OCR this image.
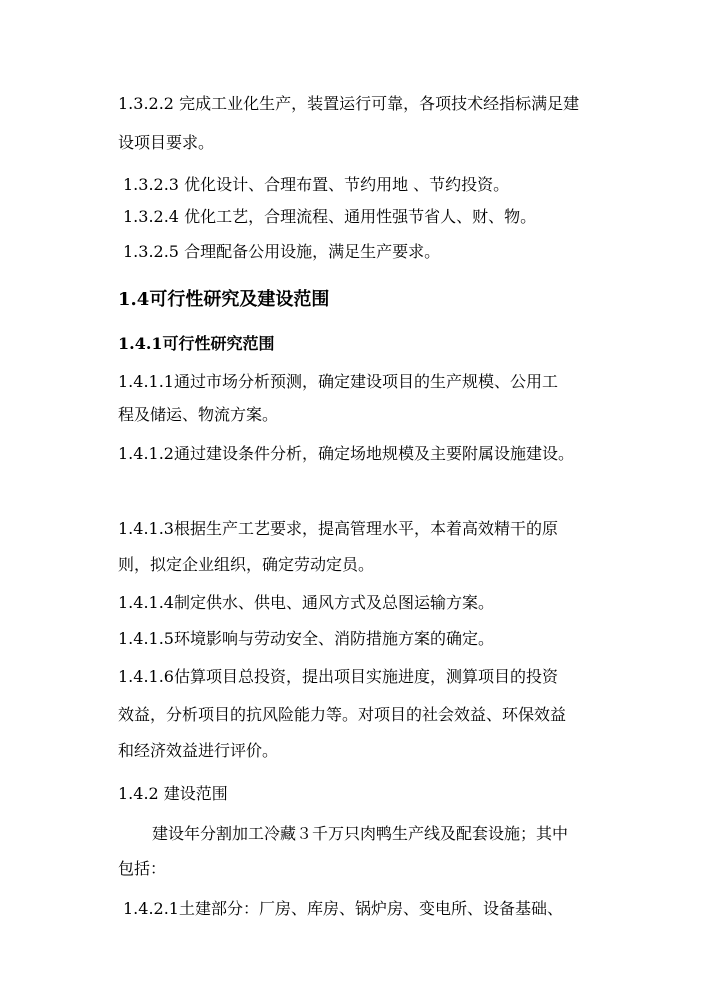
1.3.2.2 完成工业化生产，装置运行可靠，各项技术经指标满足建
设项目要求。
1.3.2.3 优化设计、合理布置、节约用地 、节约投资。
1.3.2.4 优化工艺，合理流程、通用性强节省人、财、物。
1.3.2.5 合理配备公用设施，满足生产要求。
1.4可行性研究及建设范围
1.4.1可行性研究范围
1.4.1.1通过市场分析预测，确定建设项目的生产规模、公用工
程及储运、物流方案。
1.4.1.2通过建设条件分析，确定场地规模及主要附属设施建设。
1.4.1.3根据生产工艺要求，提高管理水平，本着高效精干的原
则，拟定企业组织，确定劳动定员。
1.4.1.4制定供水、供电、通风方式及总图运输方案。
1.4.1.5环境影响与劳动安全、消防措施方案的确定。
1.4.1.6估算项目总投资，提出项目实施进度，测算项目的投资
效益，分析项目的抗风险能力等。对项目的社会效益、环保效益
和经济效益进行评价。
1.4.2 建设范围
建设年分割加工冷藏３千万只肉鸭生产线及配套设施；其中
包括：
1.4.2.1土建部分：厂房、库房、锅炉房、变电所、设备基础、
